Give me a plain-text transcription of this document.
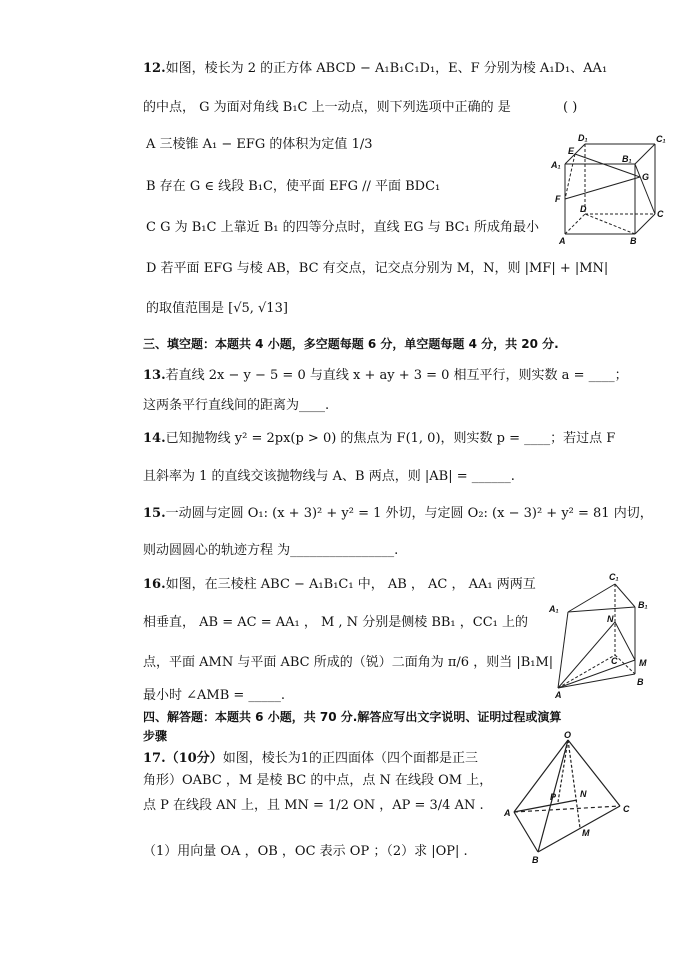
12.如图，棱长为 2 的正方体 ABCD − A₁B₁C₁D₁，E、F 分别为棱 A₁D₁、AA₁
的中点， G 为面对角线 B₁C 上一动点，则下列选项中正确的 是	( )
A 三棱锥 A₁ − EFG 的体积为定值 1/3
B 存在 G ∈ 线段 B₁C，使平面 EFG // 平面 BDC₁
C G 为 B₁C 上靠近 B₁ 的四等分点时，直线 EG 与 BC₁ 所成角最小
D 若平面 EFG 与棱 AB，BC 有交点，记交点分别为 M，N，则 |MF| + |MN|
的取值范围是 [√5, √13]
D₁	C₁
A₁
E
B₁
G
F
D	C
A	B
三、填空题：本题共 4 小题，多空题每题 6 分，单空题每题 4 分，共 20 分.
13.若直线 2x − y − 5 = 0 与直线 x + ay + 3 = 0 相互平行，则实数 a = ____；
这两条平行直线间的距离为____.
14.已知抛物线 y² = 2px(p > 0) 的焦点为 F(1, 0)，则实数 p = ____；若过点 F
且斜率为 1 的直线交该抛物线与 A、B 两点，则 |AB| = ______.
15.一动圆与定圆 O₁: (x + 3)² + y² = 1 外切，与定圆 O₂: (x − 3)² + y² = 81 内切，
则动圆圆心的轨迹方程 为________________.
16.如图，在三棱柱 ABC − A₁B₁C₁ 中， AB ， AC ， AA₁ 两两互
相垂直， AB = AC = AA₁ ， M , N 分别是侧棱 BB₁ ，CC₁ 上的
点，平面 AMN 与平面 ABC 所成的（锐）二面角为 π/6 ，则当 |B₁M|
最小时 ∠AMB = _____.
C₁
A₁	B₁
N
C M
B
A
四、解答题：本题共 6 小题，共 70 分.解答应写出文字说明、证明过程或演算
步骤
17.（10分）如图，棱长为1的正四面体（四个面都是正三
角形）OABC ，M 是棱 BC 的中点，点 N 在线段 OM 上，
点 P 在线段 AN 上，且 MN = 1/2 ON ，AP = 3/4 AN .
（1）用向量 OA ，OB ，OC 表示 OP ；（2）求 |OP| .
O
P	N
A	C
M
B
